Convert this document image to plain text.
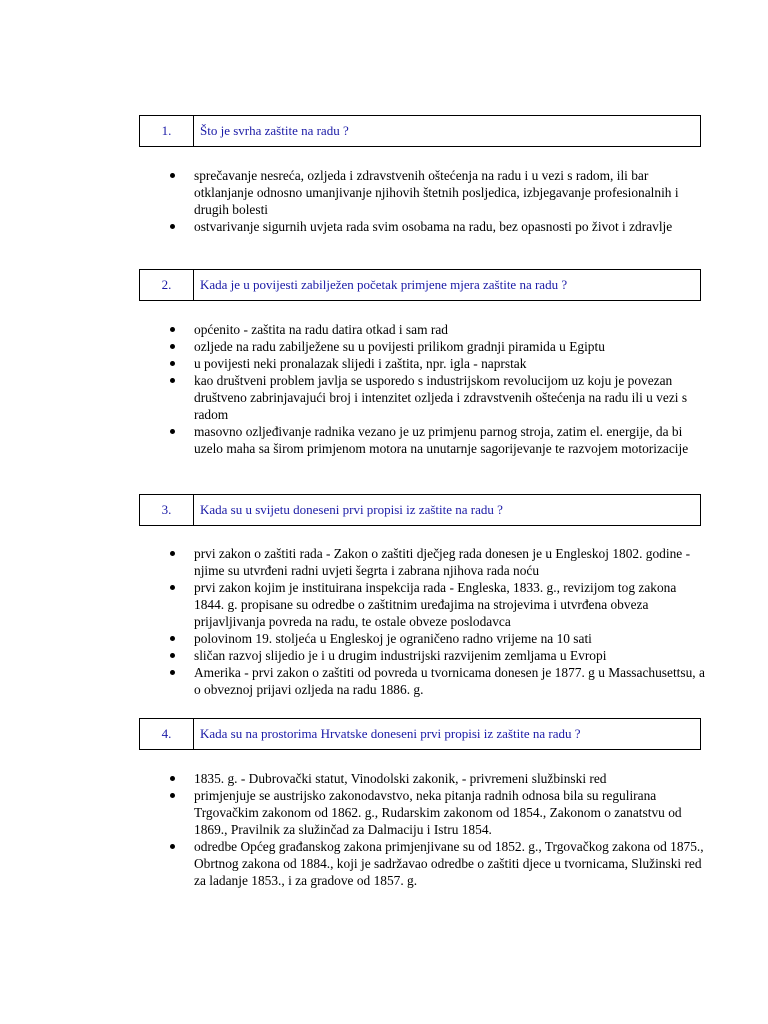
1.	Što je svrha zaštite na radu ?
sprečavanje nesreća, ozljeda i zdravstvenih oštećenja na radu i u vezi s radom, ili bar otklanjanje odnosno umanjivanje njihovih štetnih posljedica, izbjegavanje profesionalnih i drugih bolesti
ostvarivanje sigurnih uvjeta rada svim osobama na radu, bez opasnosti po život i zdravlje
2.	Kada je u povijesti zabilježen početak primjene mjera zaštite na radu ?
općenito - zaštita na radu datira otkad i sam rad
ozljede na radu zabilježene su u povijesti prilikom gradnji piramida u Egiptu
u povijesti neki pronalazak slijedi i zaštita, npr. igla - naprstak
kao društveni problem javlja se usporedo s industrijskom revolucijom uz koju je povezan društveno zabrinjavajući broj i intenzitet ozljeda i zdravstvenih oštećenja na radu ili u vezi s radom
masovno ozljeđivanje radnika vezano je uz primjenu parnog stroja, zatim el. energije, da bi uzelo maha sa širom primjenom motora na unutarnje sagorijevanje te razvojem motorizacije
3.	Kada su u svijetu doneseni prvi propisi iz zaštite na radu ?
prvi zakon o zaštiti rada - Zakon o zaštiti dječjeg rada donesen je u Engleskoj 1802. godine - njime su utvrđeni radni uvjeti šegrta i zabrana njihova rada noću
prvi zakon kojim je instituirana inspekcija rada - Engleska, 1833. g., revizijom tog zakona 1844. g. propisane su odredbe o zaštitnim uređajima na strojevima i utvrđena obveza prijavljivanja povreda na radu, te ostale obveze poslodavca
polovinom 19. stoljeća u Engleskoj je ograničeno radno vrijeme na 10 sati
sličan razvoj slijedio je i u drugim industrijski razvijenim zemljama u Evropi
Amerika - prvi zakon o zaštiti od povreda u tvornicama donesen je 1877. g u Massachusettsu, a o obveznoj prijavi ozljeda na radu 1886. g.
4.	Kada su na prostorima Hrvatske doneseni prvi propisi iz zaštite na radu ?
1835. g. - Dubrovački statut, Vinodolski zakonik, - privremeni službinski red
primjenjuje se austrijsko zakonodavstvo, neka pitanja radnih odnosa bila su regulirana Trgovačkim zakonom od 1862. g., Rudarskim zakonom od 1854., Zakonom o zanatstvu od 1869., Pravilnik za služinčad za Dalmaciju i Istru 1854.
odredbe Općeg građanskog zakona primjenjivane su od 1852. g., Trgovačkog zakona od 1875., Obrtnog zakona od 1884., koji je sadržavao odredbe o zaštiti djece u tvornicama, Služinski red za ladanje 1853., i za gradove od 1857. g.
